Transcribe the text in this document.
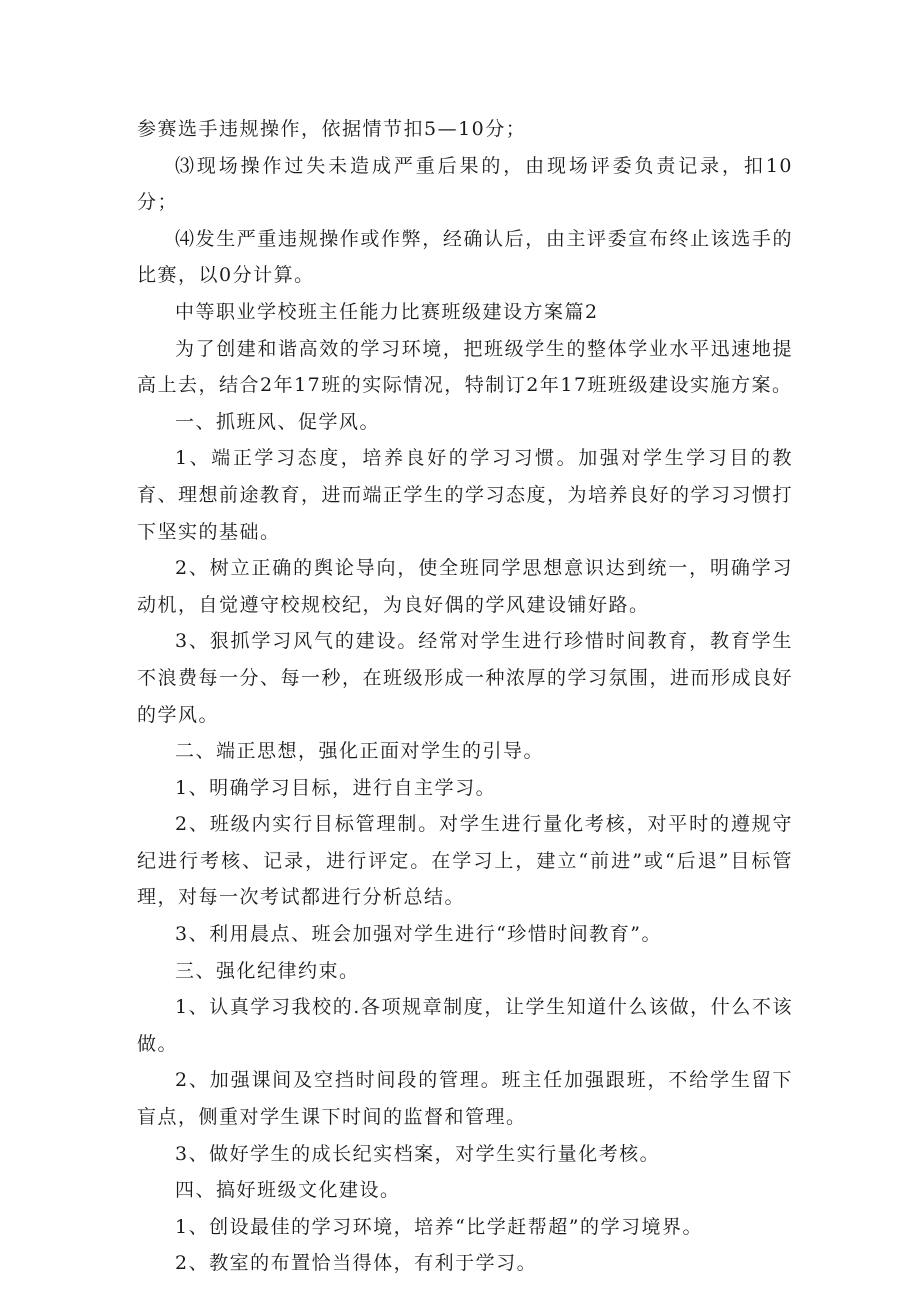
参赛选手违规操作，依据情节扣5—10分；

⑶现场操作过失未造成严重后果的，由现场评委负责记录，扣10分；

⑷发生严重违规操作或作弊，经确认后，由主评委宣布终止该选手的比赛，以0分计算。

中等职业学校班主任能力比赛班级建设方案篇2

为了创建和谐高效的学习环境，把班级学生的整体学业水平迅速地提高上去，结合2年17班的实际情况，特制订2年17班班级建设实施方案。

一、抓班风、促学风。

1、端正学习态度，培养良好的学习习惯。加强对学生学习目的教育、理想前途教育，进而端正学生的学习态度，为培养良好的学习习惯打下坚实的基础。

2、树立正确的舆论导向，使全班同学思想意识达到统一，明确学习动机，自觉遵守校规校纪，为良好偶的学风建设铺好路。

3、狠抓学习风气的建设。经常对学生进行珍惜时间教育，教育学生不浪费每一分、每一秒，在班级形成一种浓厚的学习氛围，进而形成良好的学风。

二、端正思想，强化正面对学生的引导。

1、明确学习目标，进行自主学习。

2、班级内实行目标管理制。对学生进行量化考核，对平时的遵规守纪进行考核、记录，进行评定。在学习上，建立“前进”或“后退”目标管理，对每一次考试都进行分析总结。

3、利用晨点、班会加强对学生进行“珍惜时间教育”。

三、强化纪律约束。

1、认真学习我校的.各项规章制度，让学生知道什么该做，什么不该做。

2、加强课间及空挡时间段的管理。班主任加强跟班，不给学生留下盲点，侧重对学生课下时间的监督和管理。

3、做好学生的成长纪实档案，对学生实行量化考核。

四、搞好班级文化建设。

1、创设最佳的学习环境，培养“比学赶帮超”的学习境界。

2、教室的布置恰当得体，有利于学习。
